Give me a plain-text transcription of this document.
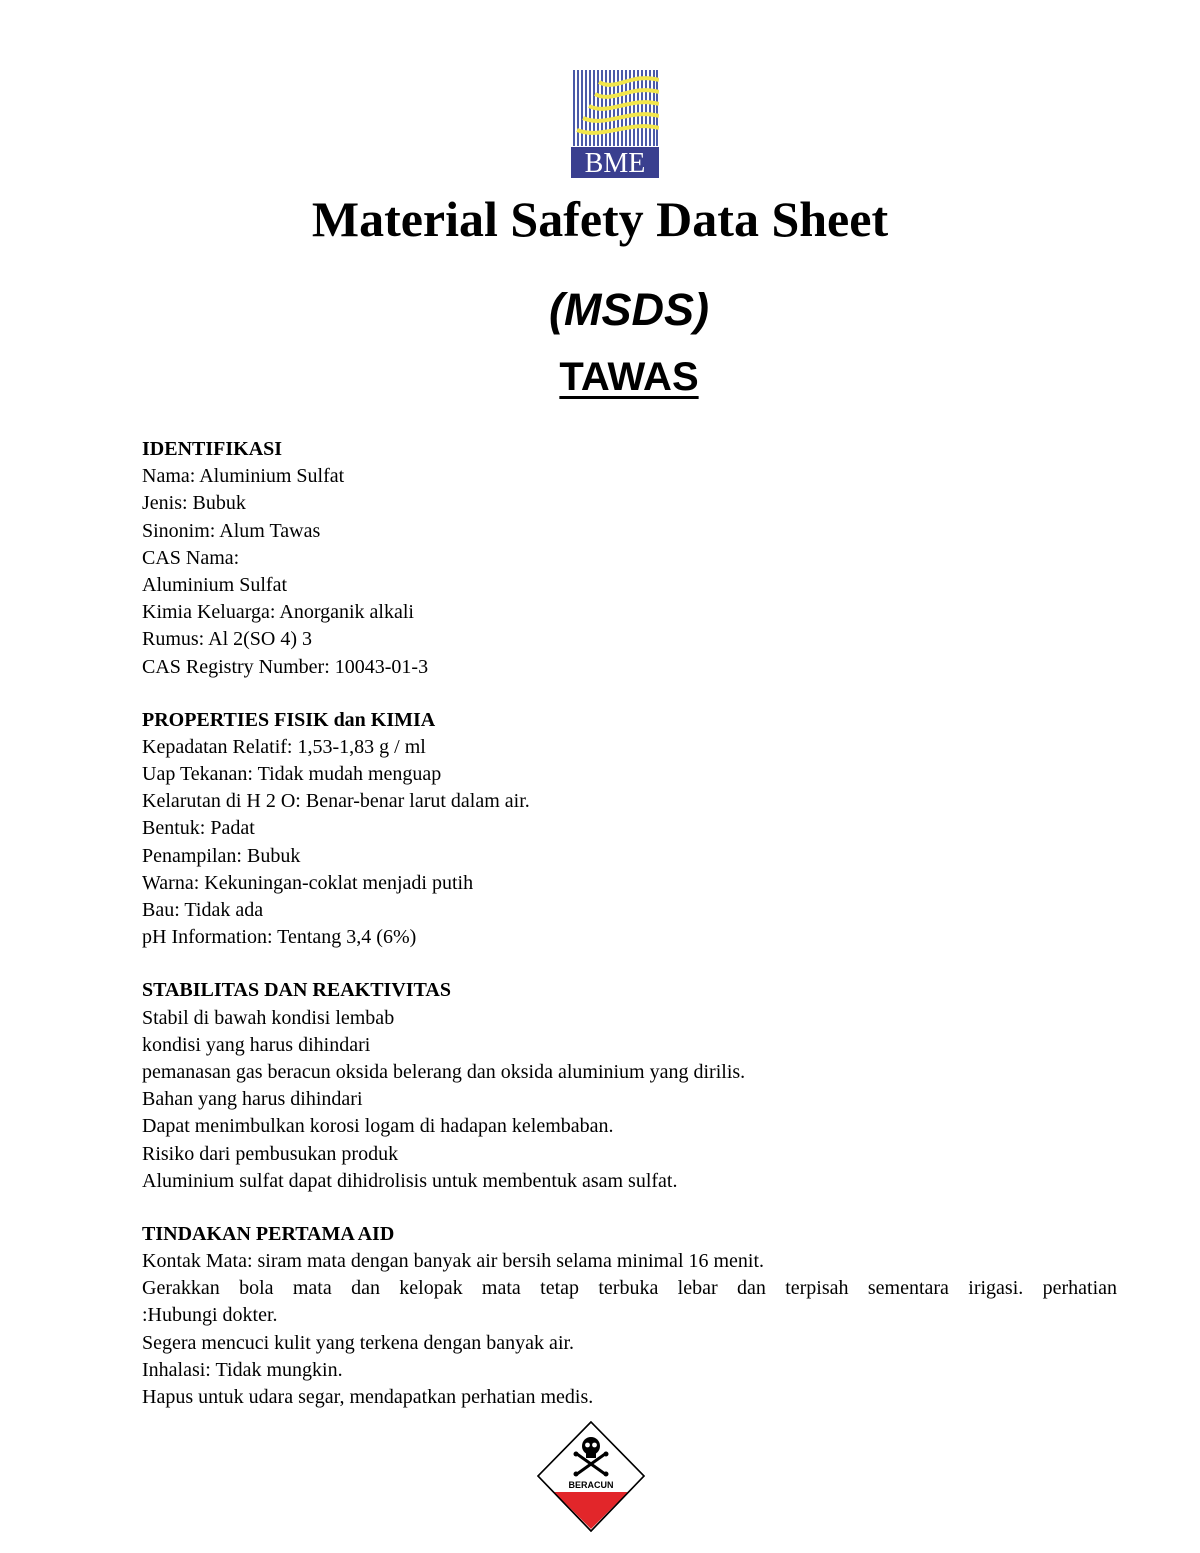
BME
Material Safety Data Sheet
(MSDS)
TAWAS
IDENTIFIKASI
Nama: Aluminium Sulfat
Jenis: Bubuk
Sinonim: Alum Tawas
CAS Nama:
Aluminium Sulfat
Kimia Keluarga: Anorganik alkali
Rumus: Al 2(SO 4) 3
CAS Registry Number: 10043-01-3
PROPERTIES FISIK dan KIMIA
Kepadatan Relatif: 1,53-1,83 g / ml
Uap Tekanan: Tidak mudah menguap
Kelarutan di H 2 O: Benar-benar larut dalam air.
Bentuk: Padat
Penampilan: Bubuk
Warna: Kekuningan-coklat menjadi putih
Bau: Tidak ada
pH Information: Tentang 3,4 (6%)
STABILITAS DAN REAKTIVITAS
Stabil di bawah kondisi lembab
kondisi yang harus dihindari
pemanasan gas beracun oksida belerang dan oksida aluminium yang dirilis.
Bahan yang harus dihindari
Dapat menimbulkan korosi logam di hadapan kelembaban.
Risiko dari pembusukan produk
Aluminium sulfat dapat dihidrolisis untuk membentuk asam sulfat.
TINDAKAN PERTAMA AID
Kontak Mata: siram mata dengan banyak air bersih selama minimal 16 menit.
Gerakkan bola mata dan kelopak mata tetap terbuka lebar dan terpisah sementara irigasi. perhatian
:Hubungi dokter.
Segera mencuci kulit yang terkena dengan banyak air.
Inhalasi: Tidak mungkin.
Hapus untuk udara segar, mendapatkan perhatian medis.
BERACUN
